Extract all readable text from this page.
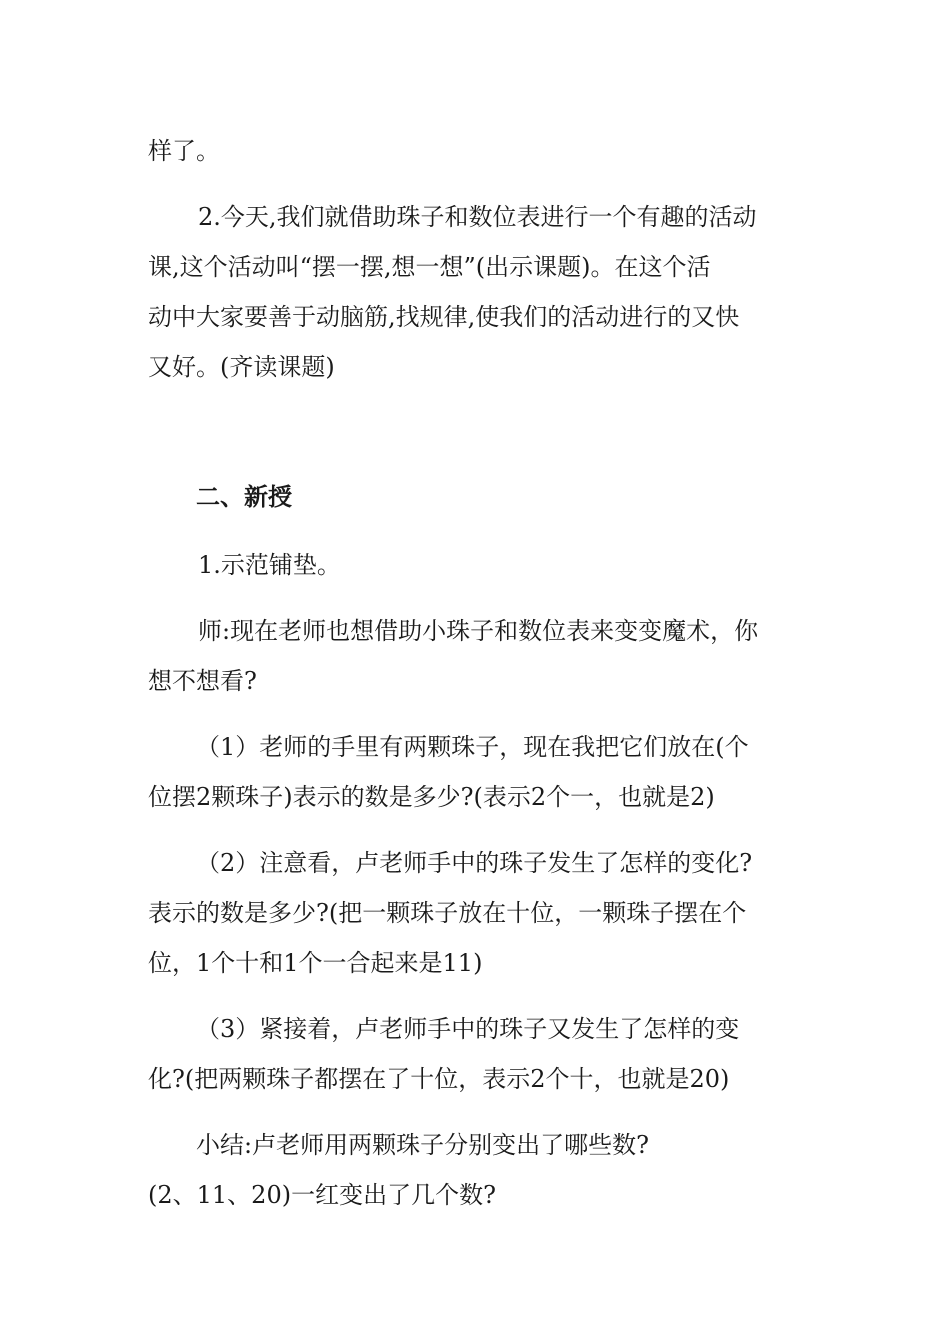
样了。
2.今天,我们就借助珠子和数位表进行一个有趣的活动
课,这个活动叫“摆一摆,想一想”(出示课题)。在这个活
动中大家要善于动脑筋,找规律,使我们的活动进行的又快
又好。(齐读课题)
二、新授
1.示范铺垫。
师:现在老师也想借助小珠子和数位表来变变魔术，你
想不想看?
（1）老师的手里有两颗珠子，现在我把它们放在(个
位摆2颗珠子)表示的数是多少?(表示2个一，也就是2)
（2）注意看，卢老师手中的珠子发生了怎样的变化?
表示的数是多少?(把一颗珠子放在十位，一颗珠子摆在个
位，1个十和1个一合起来是11)
（3）紧接着，卢老师手中的珠子又发生了怎样的变
化?(把两颗珠子都摆在了十位，表示2个十，也就是20)
小结:卢老师用两颗珠子分别变出了哪些数?
(2、11、20)一红变出了几个数?
